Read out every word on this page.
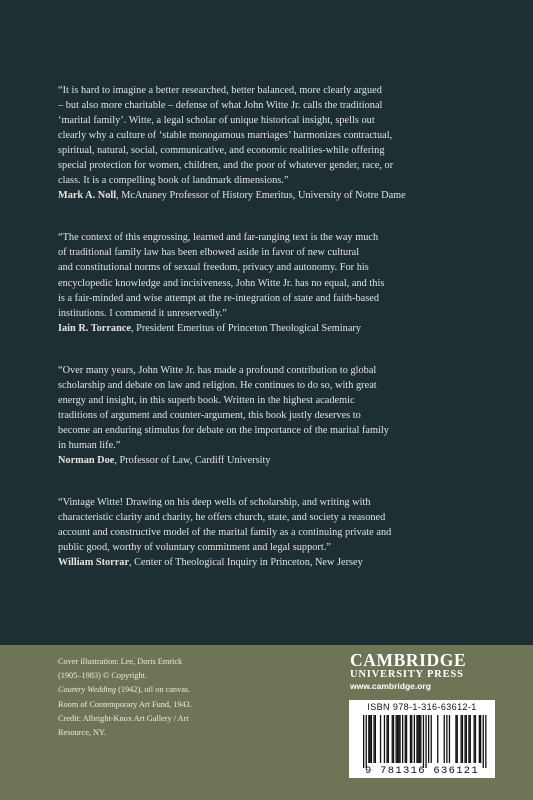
“It is hard to imagine a better researched, better balanced, more clearly argued
– but also more charitable – defense of what John Witte Jr. calls the traditional
‘marital family’. Witte, a legal scholar of unique historical insight, spells out
clearly why a culture of ‘stable monogamous marriages’ harmonizes contractual,
spiritual, natural, social, communicative, and economic realities-while offering
special protection for women, children, and the poor of whatever gender, race, or
class. It is a compelling book of landmark dimensions.”

Mark A. Noll, McAnaney Professor of History Emeritus, University of Notre Dame

“The context of this engrossing, learned and far-ranging text is the way much
of traditional family law has been elbowed aside in favor of new cultural
and constitutional norms of sexual freedom, privacy and autonomy. For his
encyclopedic knowledge and incisiveness, John Witte Jr. has no equal, and this
is a fair-minded and wise attempt at the re-integration of state and faith-based
institutions. I commend it unreservedly.”

Iain R. Torrance, President Emeritus of Princeton Theological Seminary

“Over many years, John Witte Jr. has made a profound contribution to global
scholarship and debate on law and religion. He continues to do so, with great
energy and insight, in this superb book. Written in the highest academic
traditions of argument and counter-argument, this book justly deserves to
become an enduring stimulus for debate on the importance of the marital family
in human life.”

Norman Doe, Professor of Law, Cardiff University

“Vintage Witte! Drawing on his deep wells of scholarship, and writing with
characteristic clarity and charity, he offers church, state, and society a reasoned
account and constructive model of the marital family as a continuing private and
public good, worthy of voluntary commitment and legal support.”

William Storrar, Center of Theological Inquiry in Princeton, New Jersey

Cover illustration: Lee, Doris Emrick
(1905–1983) © Copyright.
Country Wedding (1942), oil on canvas.
Room of Contemporary Art Fund, 1943.
Credit: Albright-Knox Art Gallery / Art
Resource, NY.
CAMBRIDGE
UNIVERSITY PRESS
www.cambridge.org
ISBN 978-1-316-63612-1
9 781316 636121
